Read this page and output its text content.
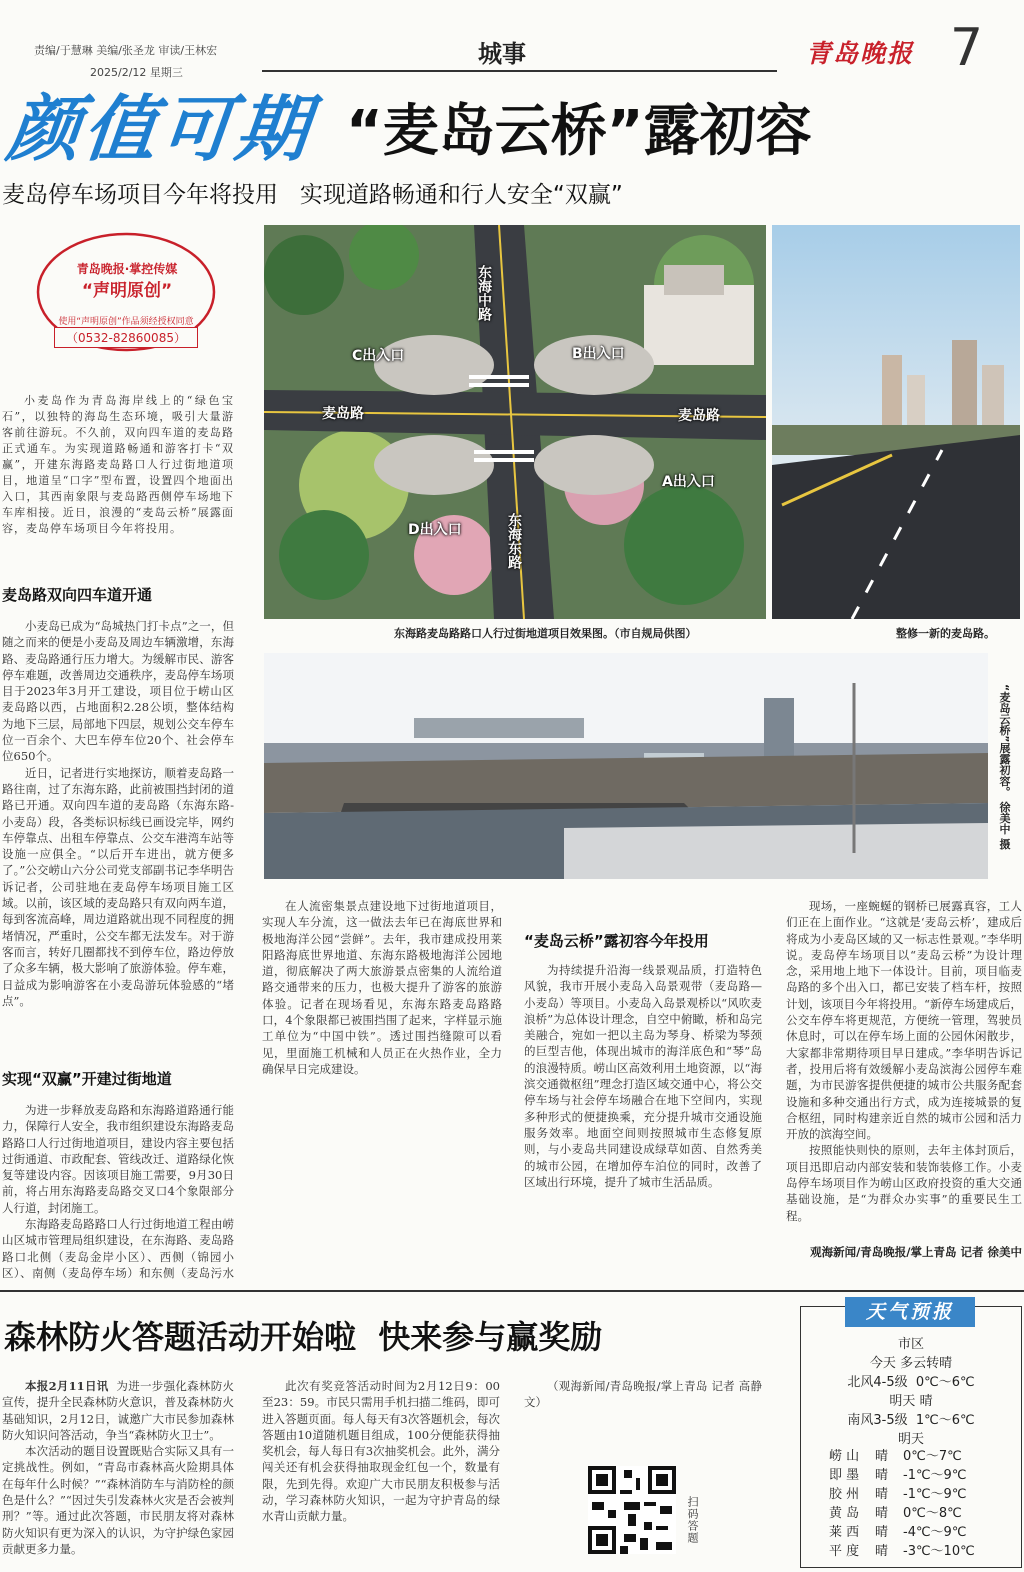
责编/于慧琳 美编/张圣龙 审读/王林宏
2025/2/12 星期三
城事	青岛晚报 7
颜值可期 “麦岛云桥”露初容
麦岛停车场项目今年将投用   实现道路畅通和行人安全“双赢”
青岛晚报·掌控传媒
“声明原创”
使用“声明原创”作品须经授权同意
（0532-82860085）

小麦岛作为青岛海岸线上的“绿色宝石”，以独特的海岛生态环境，吸引大量游客前往游玩。不久前，双向四车道的麦岛路正式通车。为实现道路畅通和游客打卡“双赢”，开建东海路麦岛路口人行过街地道项目，地道呈“口字”型布置，设置四个地面出入口，其西南象限与麦岛路西侧停车场地下车库相接。近日，浪漫的“麦岛云桥”展露面容，麦岛停车场项目今年将投用。

麦岛路双向四车道开通

小麦岛已成为“岛城热门打卡点”之一，但随之而来的便是小麦岛及周边车辆激增，东海路、麦岛路通行压力增大。为缓解市民、游客停车难题，改善周边交通秩序，麦岛停车场项目于2023年3月开工建设，项目位于崂山区麦岛路以西，占地面积2.28公顷，整体结构为地下三层，局部地下四层，规划公交车停车位一百余个、大巴车停车位20个、社会停车位650个。

近日，记者进行实地探访，顺着麦岛路一路往南，过了东海东路，此前被围挡封闭的道路已开通。双向四车道的麦岛路（东海东路-小麦岛）段，各类标识标线已画设完毕，网约车停靠点、出租车停靠点、公交车港湾车站等设施一应俱全。“以后开车进出，就方便多了。”公交崂山六分公司党支部副书记李华明告诉记者，公司驻地在麦岛停车场项目施工区域。以前，该区域的麦岛路只有双向两车道，每到客流高峰，周边道路就出现不同程度的拥堵情况，严重时，公交车都无法发车。对于游客而言，转好几圈都找不到停车位，路边停放了众多车辆，极大影响了旅游体验。停车难，日益成为影响游客在小麦岛游玩体验感的“堵点”。

实现“双赢”开建过街地道

为进一步释放麦岛路和东海路道路通行能力，保障行人安全，我市组织建设东海路麦岛路路口人行过街地道项目，建设内容主要包括过街通道、市政配套、管线改迁、道路绿化恢复等建设内容。因该项目施工需要，9月30日前，将占用东海路麦岛路交叉口4个象限部分人行道，封闭施工。

东海路麦岛路路口人行过街地道工程由崂山区城市管理局组织建设，在东海路、麦岛路路口北侧（麦岛金岸小区）、西侧（锦园小区）、南侧（麦岛停车场）和东侧（麦岛污水

东海中路
C出入口	B出入口
麦岛路	麦岛路
A出入口
D出入口	东海东路
东海路麦岛路路口人行过街地道项目效果图。（市自规局供图）	整修一新的麦岛路。
“麦岛云桥”展露初容。 徐美中 摄

在人流密集景点建设地下过街地道项目，实现人车分流，这一做法去年已在海底世界和极地海洋公园“尝鲜”。去年，我市建成投用莱阳路海底世界地道、东海东路极地海洋公园地道，彻底解决了两大旅游景点密集的人流给道路交通带来的压力，也极大提升了游客的旅游体验。记者在现场看见，东海东路麦岛路路口，4个象限都已被围挡围了起来，字样显示施工单位为“中国中铁”。透过围挡缝隙可以看见，里面施工机械和人员正在火热作业，全力确保早日完成建设。

“麦岛云桥”露初容今年投用

为持续提升沿海一线景观品质，打造特色风貌，我市开展小麦岛入岛景观带（麦岛路—小麦岛）等项目。小麦岛入岛景观桥以“风吹麦浪桥”为总体设计理念，自空中俯瞰，桥和岛完美融合，宛如一把以主岛为琴身、桥梁为琴颈的巨型吉他，体现出城市的海洋底色和“琴”岛的浪漫特质。崂山区高效利用土地资源，以“海滨交通微枢纽”理念打造区域交通中心，将公交停车场与社会停车场融合在地下空间内，实现多种形式的便捷换乘，充分提升城市交通设施服务效率。地面空间则按照城市生态修复原则，与小麦岛共同建设成绿草如茵、自然秀美的城市公园，在增加停车泊位的同时，改善了区域出行环境，提升了城市生活品质。

现场，一座蜿蜒的钢桥已展露真容，工人们正在上面作业。“这就是‘麦岛云桥’，建成后将成为小麦岛区域的又一标志性景观。”李华明说。麦岛停车场项目以“麦岛云桥”为设计理念，采用地上地下一体设计。目前，项目临麦岛路的多个出入口，都已安装了档车杆，按照计划，该项目今年将投用。“新停车场建成后，公交车停车将更规范，方便统一管理，驾驶员休息时，可以在停车场上面的公园休闲散步，大家都非常期待项目早日建成。”李华明告诉记者，投用后将有效缓解小麦岛滨海公园停车难题，为市民游客提供便捷的城市公共服务配套设施和多种交通出行方式，成为连接城景的复合枢纽，同时构建亲近自然的城市公园和活力开放的滨海空间。

按照能快则快的原则，去年主体封顶后，项目迅即启动内部安装和装饰装修工作。小麦岛停车场项目作为崂山区政府投资的重大交通基础设施，是“为群众办实事”的重要民生工程。

观海新闻/青岛晚报/掌上青岛 记者 徐美中
森林防火答题活动开始啦  快来参与赢奖励

本报2月11日讯 为进一步强化森林防火宣传，提升全民森林防火意识，普及森林防火基础知识，2月12日，诚邀广大市民参加森林防火知识问答活动，争当“森林防火卫士”。

本次活动的题目设置既贴合实际又具有一定挑战性。例如，“青岛市森林高火险期具体在每年什么时候？”“森林消防车与消防栓的颜色是什么？”“因过失引发森林火灾是否会被判刑？”等。通过此次答题，市民朋友将对森林防火知识有更为深入的认识，为守护绿色家园贡献更多力量。

此次有奖竞答活动时间为2月12日9：00至23：59。市民只需用手机扫描二维码，即可进入答题页面。每人每天有3次答题机会，每次答题由10道随机题目组成，100分便能获得抽奖机会，每人每日有3次抽奖机会。此外，满分闯关还有机会获得抽取现金红包一个，数量有限，先到先得。欢迎广大市民朋友积极参与活动，学习森林防火知识，一起为守护青岛的绿水青山贡献力量。

（观海新闻/青岛晚报/掌上青岛 记者 高静文）

扫码答题
天气预报
市区
今天 多云转晴
北风4-5级 0℃～6℃
明天 晴
南风3-5级 1℃～6℃
明天
崂 山 晴 0℃～7℃
即 墨 晴 -1℃～9℃
胶 州 晴 -1℃～9℃
黄 岛 晴 0℃～8℃
莱 西 晴 -4℃～9℃
平 度 晴 -3℃～10℃
